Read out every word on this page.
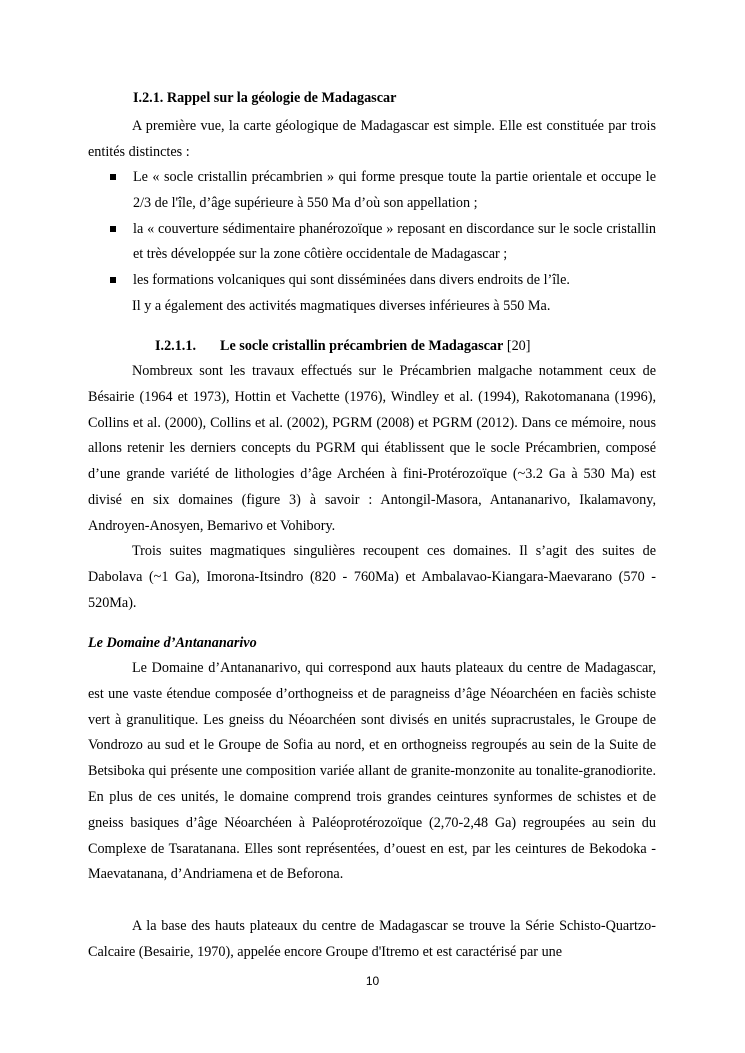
I.2.1. Rappel sur la géologie de Madagascar

A première vue, la carte géologique de Madagascar est simple. Elle est constituée par trois entités distinctes :

Le « socle cristallin précambrien » qui forme presque toute la partie orientale et occupe le 2/3 de l'île, d’âge supérieure à 550 Ma d’où son appellation ;
la « couverture sédimentaire phanérozoïque » reposant en discordance sur le socle cristallin et très développée sur la zone côtière occidentale de Madagascar ;
les formations volcaniques qui sont disséminées dans divers endroits de l’île.

Il y a également des activités magmatiques diverses inférieures à 550 Ma.

I.2.1.1. Le socle cristallin précambrien de Madagascar [20]

Nombreux sont les travaux effectués sur le Précambrien malgache notamment ceux de Bésairie (1964 et 1973), Hottin et Vachette (1976), Windley et al. (1994), Rakotomanana (1996), Collins et al. (2000), Collins et al. (2002), PGRM (2008) et PGRM (2012). Dans ce mémoire, nous allons retenir les derniers concepts du PGRM qui établissent que le socle Précambrien, composé d’une grande variété de lithologies d’âge Archéen à fini-Protérozoïque (~3.2 Ga à 530 Ma) est divisé en six domaines (figure 3) à savoir : Antongil-Masora, Antananarivo, Ikalamavony, Androyen-Anosyen, Bemarivo et Vohibory.

Trois suites magmatiques singulières recoupent ces domaines. Il s’agit des suites de Dabolava (~1 Ga), Imorona-Itsindro (820 - 760Ma) et Ambalavao-Kiangara-Maevarano (570 - 520Ma).

Le Domaine d’Antananarivo

Le Domaine d’Antananarivo, qui correspond aux hauts plateaux du centre de Madagascar, est une vaste étendue composée d’orthogneiss et de paragneiss d’âge Néoarchéen en faciès schiste vert à granulitique. Les gneiss du Néoarchéen sont divisés en unités supracrustales, le Groupe de Vondrozo au sud et le Groupe de Sofia au nord, et en orthogneiss regroupés au sein de la Suite de Betsiboka qui présente une composition variée allant de granite-monzonite au tonalite-granodiorite. En plus de ces unités, le domaine comprend trois grandes ceintures synformes de schistes et de gneiss basiques d’âge Néoarchéen à Paléoprotérozoïque (2,70-2,48 Ga) regroupées au sein du Complexe de Tsaratanana. Elles sont représentées, d’ouest en est, par les ceintures de Bekodoka - Maevatanana, d’Andriamena et de Beforona.

A la base des hauts plateaux du centre de Madagascar se trouve la Série Schisto-Quartzo-Calcaire (Besairie, 1970), appelée encore Groupe d'Itremo et est caractérisé par une

10
